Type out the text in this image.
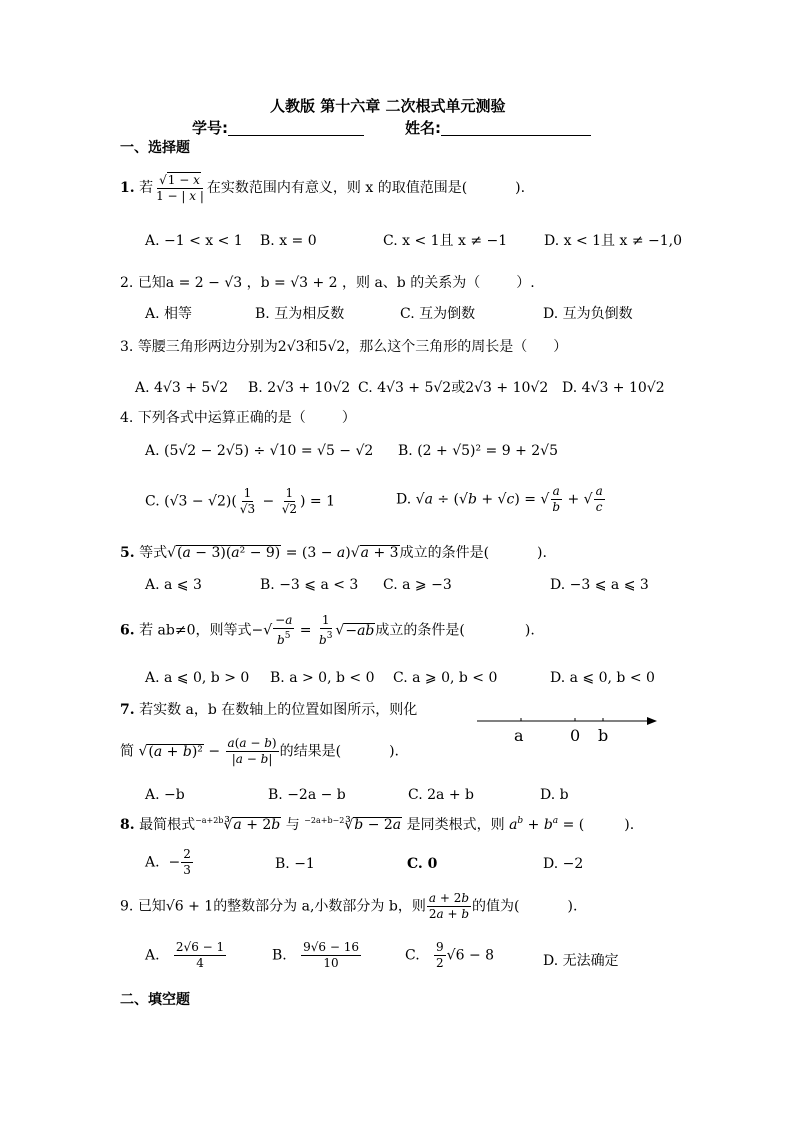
人教版 第十六章 二次根式单元测验
学号:	姓名:
一、选择题
1. 若 $\frac{√1 - x}{1 - | x |}$ 在实数范围内有意义，则 x 的取值范围是(	).
A. −1 < x < 1 B. x = 0	C. x < 1且 x ≠ −1	D. x < 1且 x ≠ −1,0
2. 已知a = 2 − √3 ，b = √3 + 2 ，则 a、b 的关系为（	）.
A. 相等	B. 互为相反数	C. 互为倒数	D. 互为负倒数
3. 等腰三角形两边分别为2√3和5√2，那么这个三角形的周长是（ ）
A. 4√3 + 5√2 B. 2√3 + 10√2 C. 4√3 + 5√2或2√3 + 10√2 D. 4√3 + 10√2
4. 下列各式中运算正确的是（	）
A. (5√2 − 2√5) ÷ √10 = √5 − √2 B. (2 + √5)² = 9 + 2√5
C. $(√3 - √2)( \frac{1}{√3} - \frac{1}{√2}$ ) = 1	D. √a ÷ (√b + √c) = √ $\frac{a}{b}$ + √ $\frac{a}{c}$
5. 等式√(a − 3)(a² − 9) = (3 − a)√a + 3成立的条件是(	).
A. a ⩽ 3	B. −3 ⩽ a < 3 C. a ⩾ −3	D. −3 ⩽ a ⩽ 3
6. 若 ab≠0，则等式−√ $\frac{-a}{b^5} = \frac{1}{b^3} √-ab$成立的条件是(	).
A. a ⩽ 0, b > 0 B. a > 0, b < 0 C. a ⩾ 0, b < 0	D. a ⩽ 0, b < 0
7. 若实数 a，b 在数轴上的位置如图所示，则化
简 $√(a + b)^2 - \frac{a(a - b)}{|a - b|}$ 的结果是(	).
a	0 b
A. −b	B. −2a − b	C. 2a + b	D. b
8. 最简根式$^{-a+2b}$∛a + 2b 与 $^{-2a+b-2}$∛b − 2a 是同类根式，则 $a^b + b^a$ = (	).
A.  − $\frac{2}{3}$	B. −1	C. 0	D. −2
9. 已知√6 + 1的整数部分为 a,小数部分为 b，则 $\frac{a + 2b}{2a + b}$ 的值为(	).
A. $\frac{2√6 - 1}{4}$	B. $\frac{9√6 - 16}{10}$	C. $\frac{9}{2} √6 - 8$	D. 无法确定
二、填空题
